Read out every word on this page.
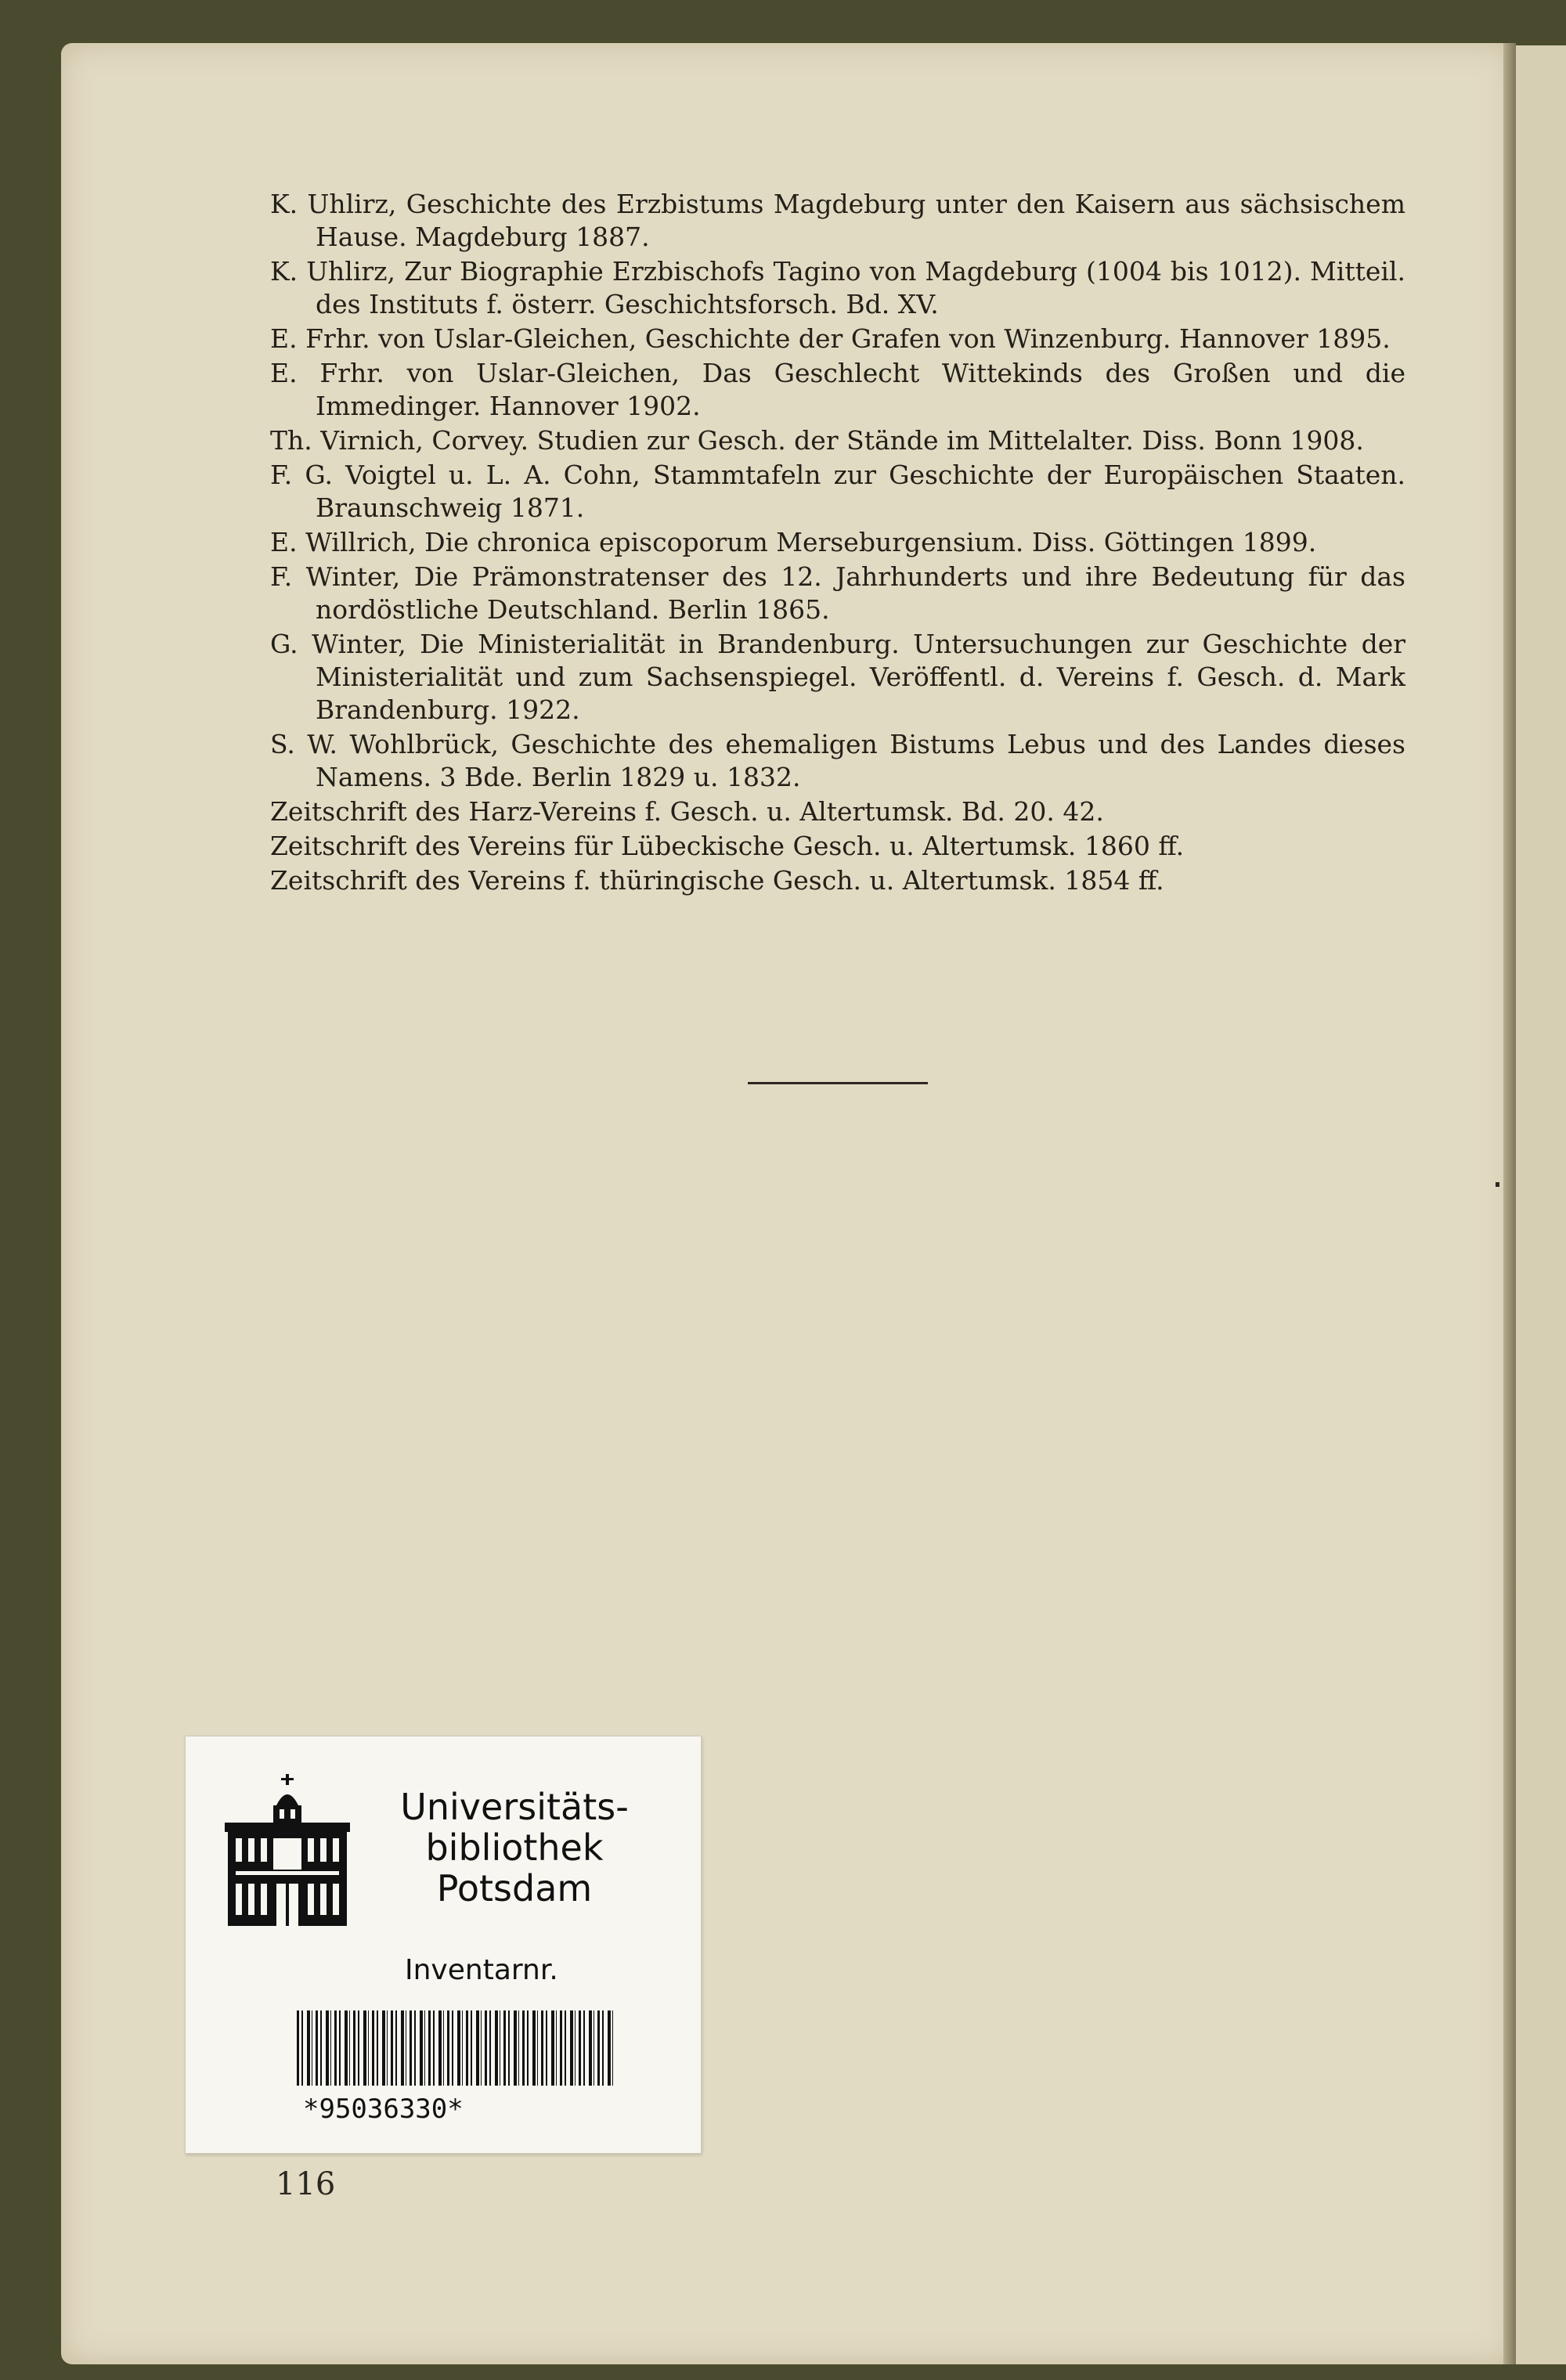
K. Uhlirz, Geschichte des Erzbistums Magdeburg unter den Kaisern aus sächsischem Hause. Magdeburg 1887.

K. Uhlirz, Zur Biographie Erzbischofs Tagino von Magdeburg (1004 bis 1012). Mitteil. des Instituts f. österr. Geschichtsforsch. Bd. XV.

E. Frhr. von Uslar-Gleichen, Geschichte der Grafen von Winzenburg. Hannover 1895.

E. Frhr. von Uslar-Gleichen, Das Geschlecht Wittekinds des Großen und die Immedinger. Hannover 1902.

Th. Virnich, Corvey. Studien zur Gesch. der Stände im Mittelalter. Diss. Bonn 1908.

F. G. Voigtel u. L. A. Cohn, Stammtafeln zur Geschichte der Europäischen Staaten. Braunschweig 1871.

E. Willrich, Die chronica episcoporum Merseburgensium. Diss. Göttingen 1899.

F. Winter, Die Prämonstratenser des 12. Jahrhunderts und ihre Bedeutung für das nordöstliche Deutschland. Berlin 1865.

G. Winter, Die Ministerialität in Brandenburg. Untersuchungen zur Geschichte der Ministerialität und zum Sachsenspiegel. Veröffentl. d. Vereins f. Gesch. d. Mark Brandenburg. 1922.

S. W. Wohlbrück, Geschichte des ehemaligen Bistums Lebus und des Landes dieses Namens. 3 Bde. Berlin 1829 u. 1832.

Zeitschrift des Harz-Vereins f. Gesch. u. Altertumsk. Bd. 20. 42.

Zeitschrift des Vereins für Lübeckische Gesch. u. Altertumsk. 1860 ff.

Zeitschrift des Vereins f. thüringische Gesch. u. Altertumsk. 1854 ff.

Universitäts-
bibliothek
Potsdam
Inventarnr.
*95036330*
116
